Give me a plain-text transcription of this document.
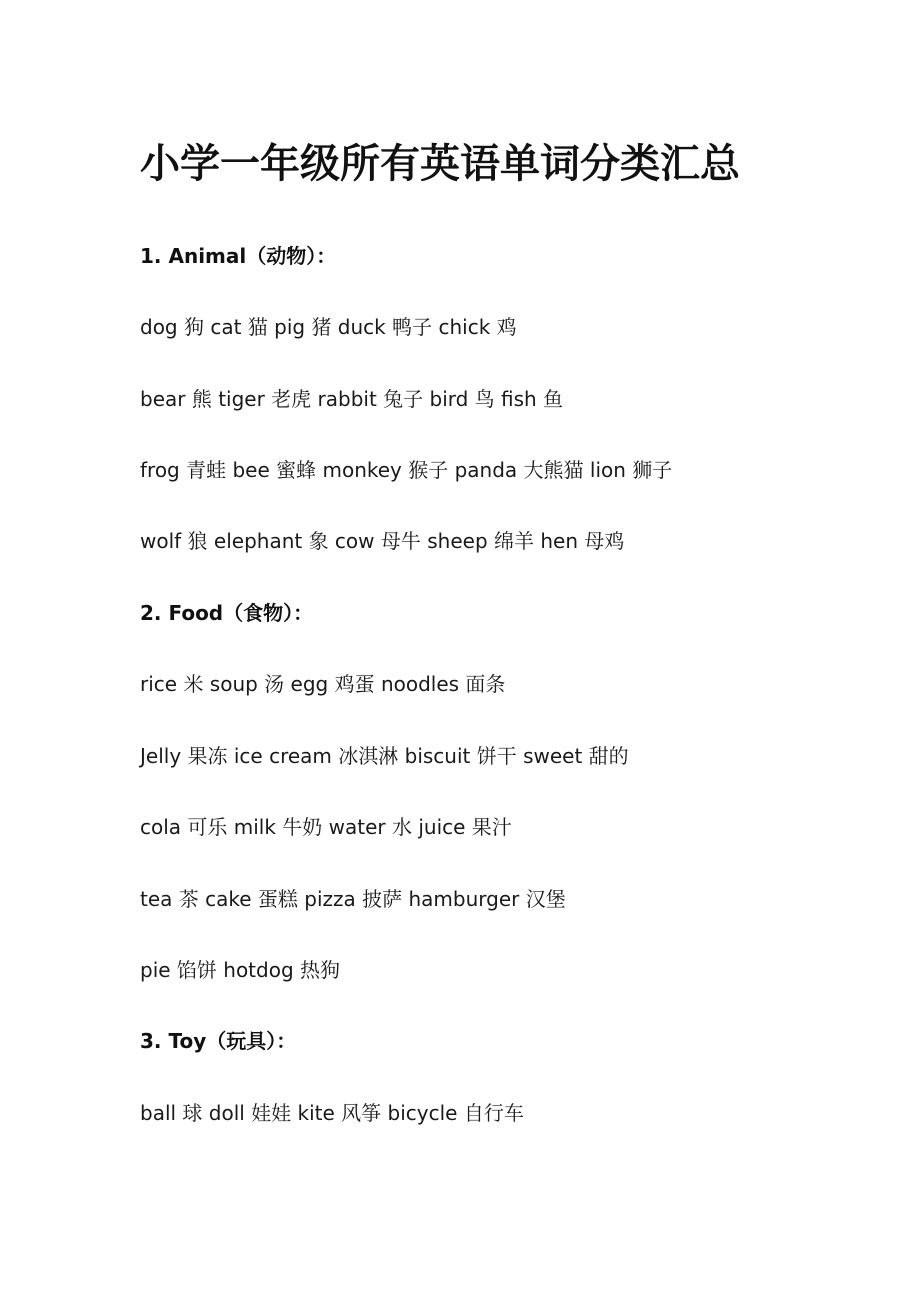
小学一年级所有英语单词分类汇总

1. Animal（动物）：

dog 狗 cat 猫 pig 猪 duck 鸭子 chick 鸡

bear 熊 tiger 老虎 rabbit 兔子 bird 鸟 fish 鱼

frog 青蛙 bee 蜜蜂 monkey 猴子 panda 大熊猫 lion 狮子

wolf 狼 elephant 象 cow 母牛 sheep 绵羊 hen 母鸡

2. Food（食物）：

rice 米 soup 汤 egg 鸡蛋 noodles 面条

Jelly 果冻 ice cream 冰淇淋 biscuit 饼干 sweet 甜的

cola 可乐 milk 牛奶 water 水 juice 果汁

tea 茶 cake 蛋糕 pizza 披萨 hamburger 汉堡

pie 馅饼 hotdog 热狗

3. Toy（玩具）：

ball 球 doll 娃娃 kite 风筝 bicycle 自行车
